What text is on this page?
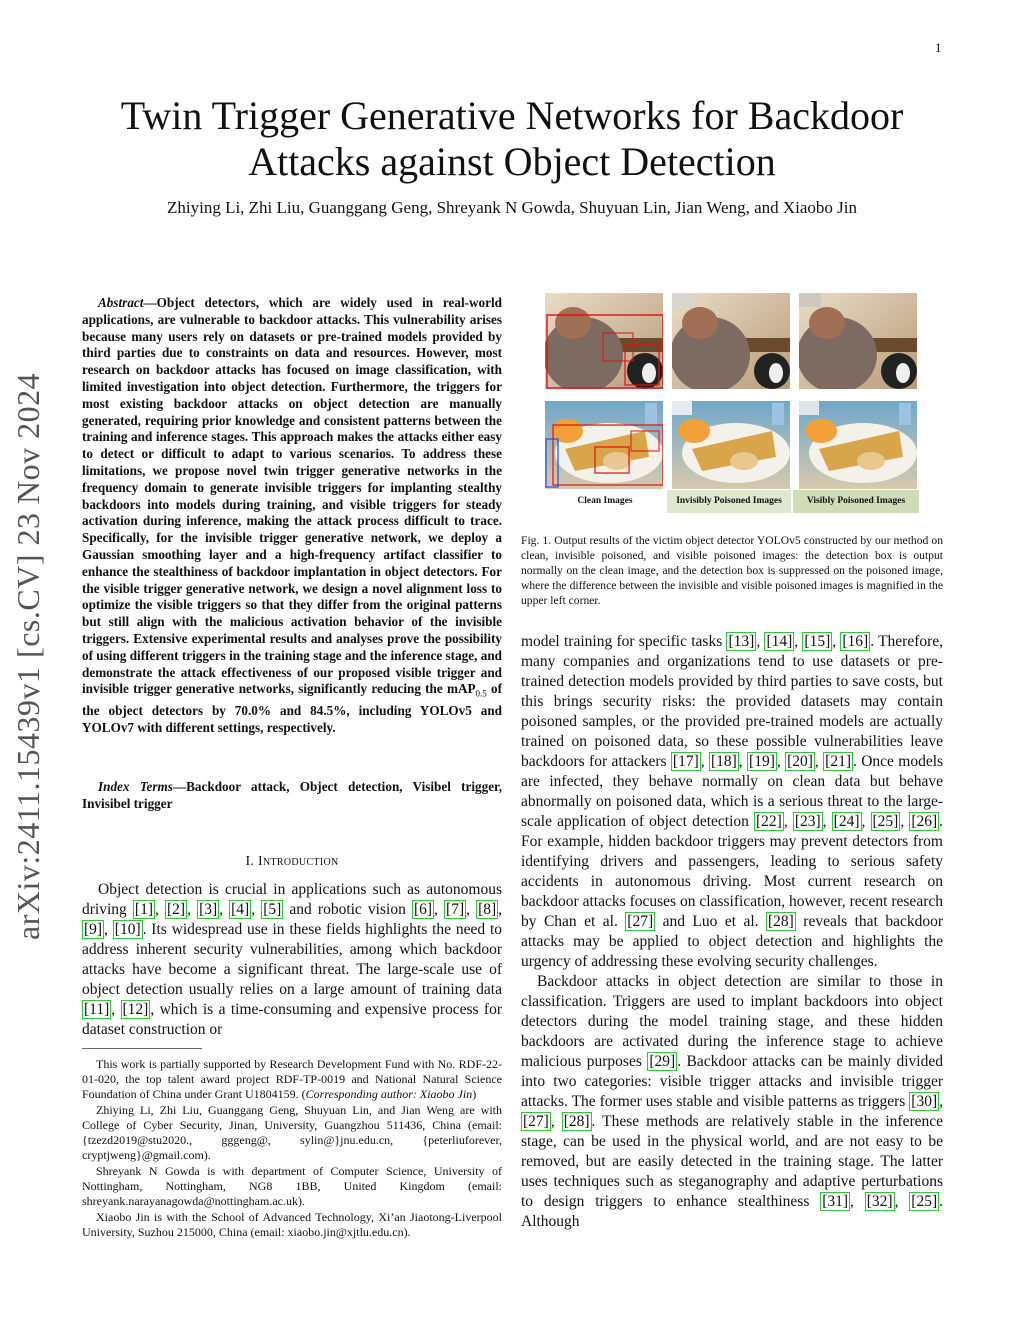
1
arXiv:2411.15439v1 [cs.CV] 23 Nov 2024
Twin Trigger Generative Networks for Backdoor Attacks against Object Detection
Zhiying Li, Zhi Liu, Guanggang Geng, Shreyank N Gowda, Shuyuan Lin, Jian Weng, and Xiaobo Jin
Abstract—Object detectors, which are widely used in real-world applications, are vulnerable to backdoor attacks. This vulnerability arises because many users rely on datasets or pre-trained models provided by third parties due to constraints on data and resources. However, most research on backdoor attacks has focused on image classification, with limited investigation into object detection. Furthermore, the triggers for most existing backdoor attacks on object detection are manually generated, requiring prior knowledge and consistent patterns between the training and inference stages. This approach makes the attacks either easy to detect or difficult to adapt to various scenarios. To address these limitations, we propose novel twin trigger generative networks in the frequency domain to generate invisible triggers for implanting stealthy backdoors into models during training, and visible triggers for steady activation during inference, making the attack process difficult to trace. Specifically, for the invisible trigger generative network, we deploy a Gaussian smoothing layer and a high-frequency artifact classifier to enhance the stealthiness of backdoor implantation in object detectors. For the visible trigger generative network, we design a novel alignment loss to optimize the visible triggers so that they differ from the original patterns but still align with the malicious activation behavior of the invisible triggers. Extensive experimental results and analyses prove the possibility of using different triggers in the training stage and the inference stage, and demonstrate the attack effectiveness of our proposed visible trigger and invisible trigger generative networks, significantly reducing the mAP$_{0.5}$ of the object detectors by 70.0% and 84.5%, including YOLOv5 and YOLOv7 with different settings, respectively.
Index Terms—Backdoor attack, Object detection, Visibel trigger, Invisibel trigger
I. Introduction

Object detection is crucial in applications such as autonomous driving [1] , [2] , [3] , [4] , [5] and robotic vision [6] , [7] , [8] , [9] , [10] . Its widespread use in these fields highlights the need to address inherent security vulnerabilities, among which backdoor attacks have become a significant threat. The large-scale use of object detection usually relies on a large amount of training data [11] , [12] , which is a time-consuming and expensive process for dataset construction or

This work is partially supported by Research Development Fund with No. RDF-22-01-020, the top talent award project RDF-TP-0019 and National Natural Science Foundation of China under Grant U1804159. (Corresponding author: Xiaobo Jin)

Zhiying Li, Zhi Liu, Guanggang Geng, Shuyuan Lin, and Jian Weng are with College of Cyber Security, Jinan, University, Guangzhou 511436, China (email: {tzezd2019@stu2020., gggeng@, sylin@}jnu.edu.cn, {peterliuforever, cryptjweng}@gmail.com).

Shreyank N Gowda is with department of Computer Science, University of Nottingham, Nottingham, NG8 1BB, United Kingdom (email: shreyank.narayanagowda@nottingham.ac.uk).

Xiaobo Jin is with the School of Advanced Technology, Xi’an Jiaotong-Liverpool University, Suzhou 215000, China (email: xiaobo.jin@xjtlu.edu.cn).

Clean Images	Invisibly Poisoned Images	Visibly Poisoned Images
Fig. 1. Output results of the victim object detector YOLOv5 constructed by our method on clean, invisible poisoned, and visible poisoned images: the detection box is output normally on the clean image, and the detection box is suppressed on the poisoned image, where the difference between the invisible and visible poisoned images is magnified in the upper left corner.

model training for specific tasks [13] , [14] , [15] , [16] . Therefore, many companies and organizations tend to use datasets or pre-trained detection models provided by third parties to save costs, but this brings security risks: the provided datasets may contain poisoned samples, or the provided pre-trained models are actually trained on poisoned data, so these possible vulnerabilities leave backdoors for attackers [17] , [18] , [19] , [20] , [21] . Once models are infected, they behave normally on clean data but behave abnormally on poisoned data, which is a serious threat to the large-scale application of object detection [22] , [23] , [24] , [25] , [26] . For example, hidden backdoor triggers may prevent detectors from identifying drivers and passengers, leading to serious safety accidents in autonomous driving. Most current research on backdoor attacks focuses on classification, however, recent research by Chan et al. [27] and Luo et al. [28] reveals that backdoor attacks may be applied to object detection and highlights the urgency of addressing these evolving security challenges.

Backdoor attacks in object detection are similar to those in classification. Triggers are used to implant backdoors into object detectors during the model training stage, and these hidden backdoors are activated during the inference stage to achieve malicious purposes [29] . Backdoor attacks can be mainly divided into two categories: visible trigger attacks and invisible trigger attacks. The former uses stable and visible patterns as triggers [30] , [27] , [28] . These methods are relatively stable in the inference stage, can be used in the physical world, and are not easy to be removed, but are easily detected in the training stage. The latter uses techniques such as steganography and adaptive perturbations to design triggers to enhance stealthiness [31] , [32] , [25] . Although
